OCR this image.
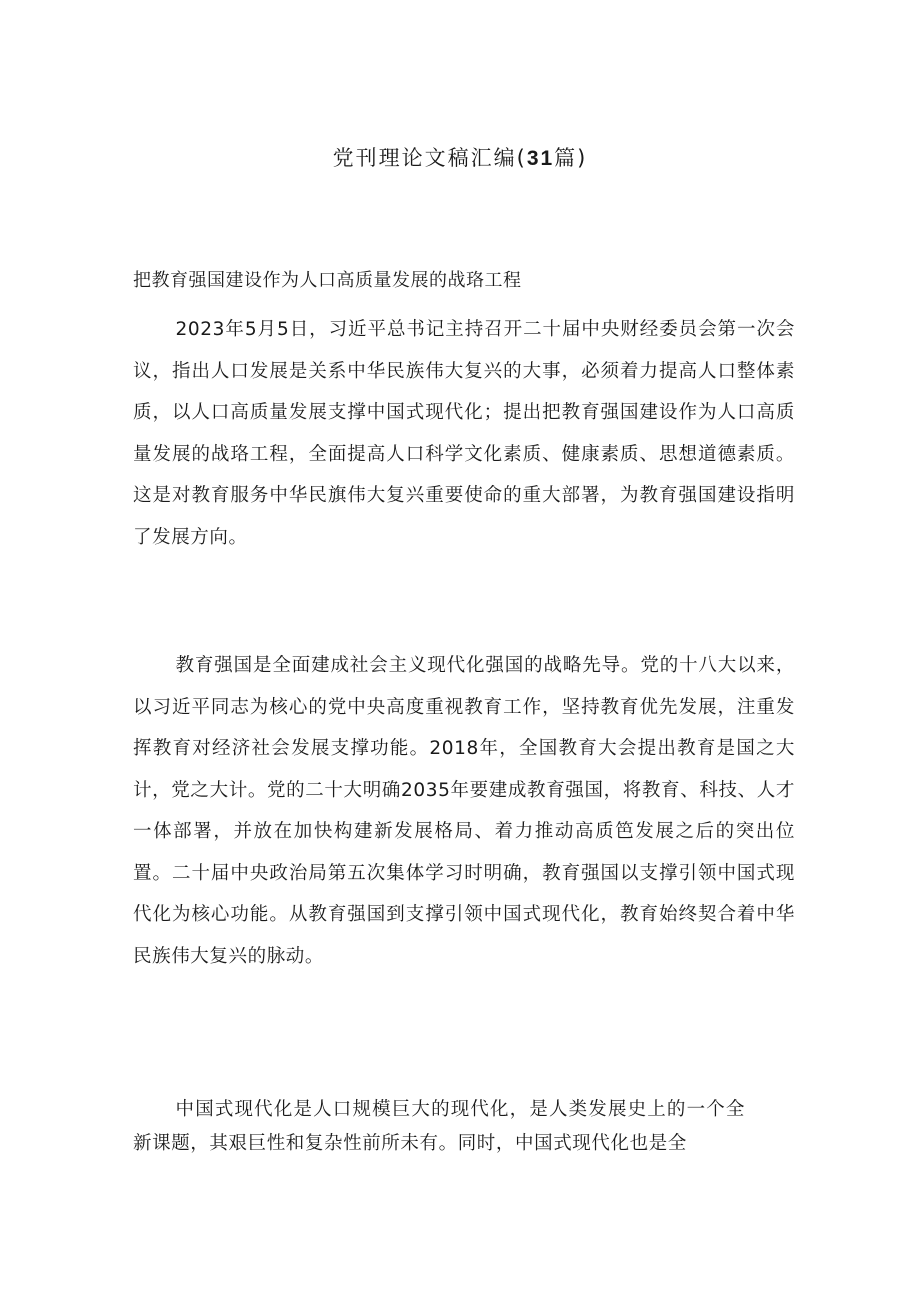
党刊理论文稿汇编(31篇)
把教育强国建设作为人口高质量发展的战珞工程

2023年5月5日，习近平总书记主持召开二十届中央财经委员会第一次会议，指出人口发展是关系中华民族伟大复兴的大事，必须着力提高人口整体素质，以人口高质量发展支撑中国式现代化；提出把教育强国建设作为人口高质量发展的战珞工程，全面提高人口科学文化素质、健康素质、思想道德素质。这是对教育服务中华民旗伟大复兴重要使命的重大部署，为教育强国建设指明了发展方向。

教育强国是全面建成社会主义现代化强国的战略先导。党的十八大以来，以习近平同志为核心的党中央高度重视教育工作，坚持教育优先发展，注重发挥教育对经济社会发展支撑功能。2018年，全国教育大会提出教育是国之大计，党之大计。党的二十大明确2035年要建成教育强国，将教育、科技、人才一体部署，并放在加快构建新发展格局、着力推动高质笆发展之后的突出位置。二十届中央政治局第五次集体学习时明确，教育强国以支撑引领中国式现代化为核心功能。从教育强国到支撑引领中国式现代化，教育始终契合着中华民族伟大复兴的脉动。

中国式现代化是人口规模巨大的现代化，是人类发展史上的一个全新课题，其艰巨性和复杂性前所未有。同时，中国式现代化也是全
